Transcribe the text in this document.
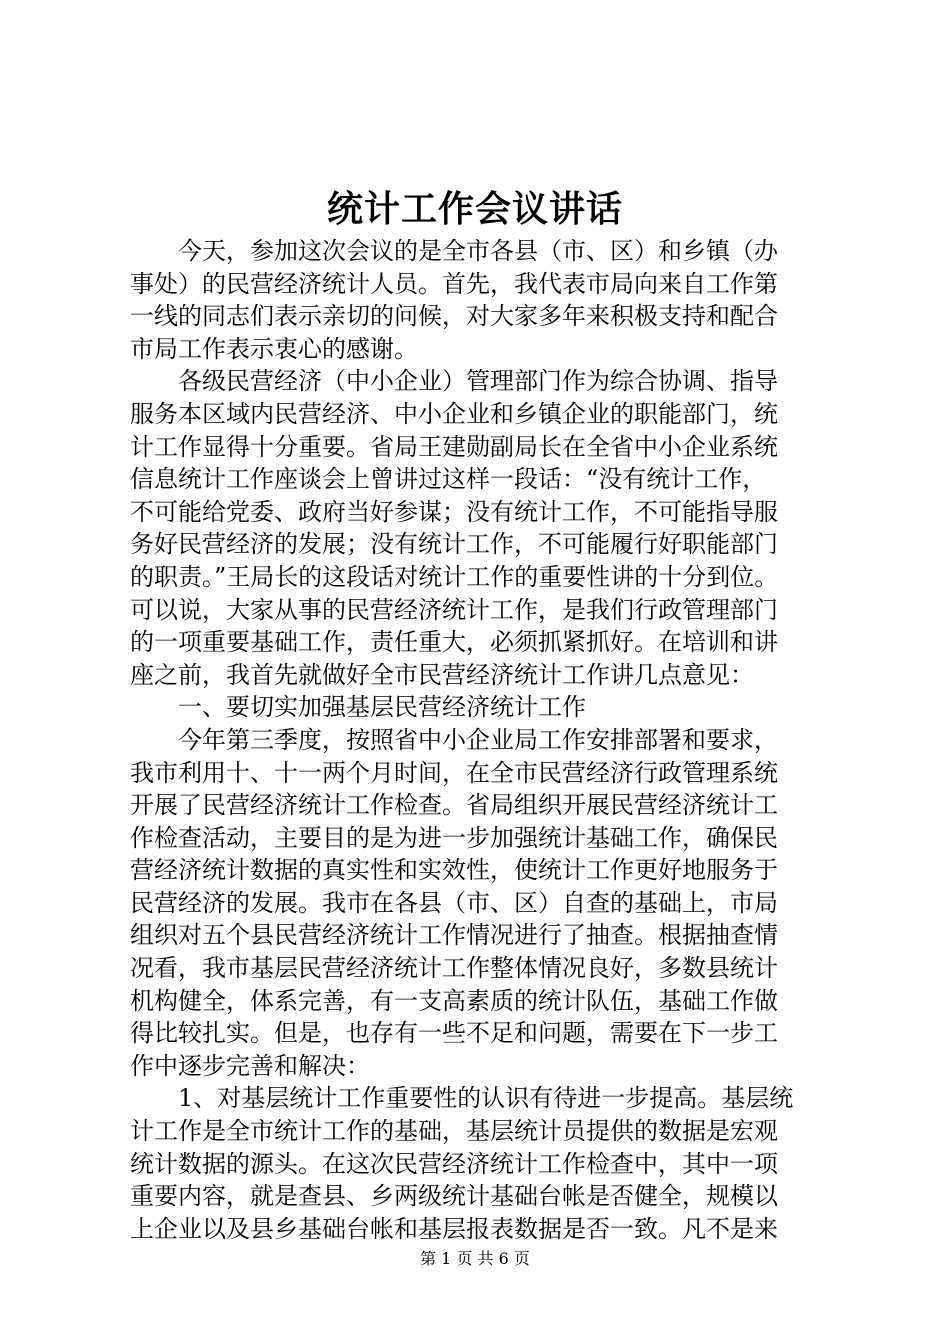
统计工作会议讲话
今天，参加这次会议的是全市各县（市、区）和乡镇（办
事处）的民营经济统计人员。首先，我代表市局向来自工作第
一线的同志们表示亲切的问候，对大家多年来积极支持和配合
市局工作表示衷心的感谢。
各级民营经济（中小企业）管理部门作为综合协调、指导
服务本区域内民营经济、中小企业和乡镇企业的职能部门，统
计工作显得十分重要。省局王建勋副局长在全省中小企业系统
信息统计工作座谈会上曾讲过这样一段话：“没有统计工作，
不可能给党委、政府当好参谋；没有统计工作，不可能指导服
务好民营经济的发展；没有统计工作，不可能履行好职能部门
的职责。”王局长的这段话对统计工作的重要性讲的十分到位。
可以说，大家从事的民营经济统计工作，是我们行政管理部门
的一项重要基础工作，责任重大，必须抓紧抓好。在培训和讲
座之前，我首先就做好全市民营经济统计工作讲几点意见：
一、要切实加强基层民营经济统计工作
今年第三季度，按照省中小企业局工作安排部署和要求，
我市利用十、十一两个月时间，在全市民营经济行政管理系统
开展了民营经济统计工作检查。省局组织开展民营经济统计工
作检查活动，主要目的是为进一步加强统计基础工作，确保民
营经济统计数据的真实性和实效性，使统计工作更好地服务于
民营经济的发展。我市在各县（市、区）自查的基础上，市局
组织对五个县民营经济统计工作情况进行了抽查。根据抽查情
况看，我市基层民营经济统计工作整体情况良好，多数县统计
机构健全，体系完善，有一支高素质的统计队伍，基础工作做
得比较扎实。但是，也存有一些不足和问题，需要在下一步工
作中逐步完善和解决：
1、对基层统计工作重要性的认识有待进一步提高。基层统
计工作是全市统计工作的基础，基层统计员提供的数据是宏观
统计数据的源头。在这次民营经济统计工作检查中，其中一项
重要内容，就是查县、乡两级统计基础台帐是否健全，规模以
上企业以及县乡基础台帐和基层报表数据是否一致。凡不是来
第 1 页 共 6 页
